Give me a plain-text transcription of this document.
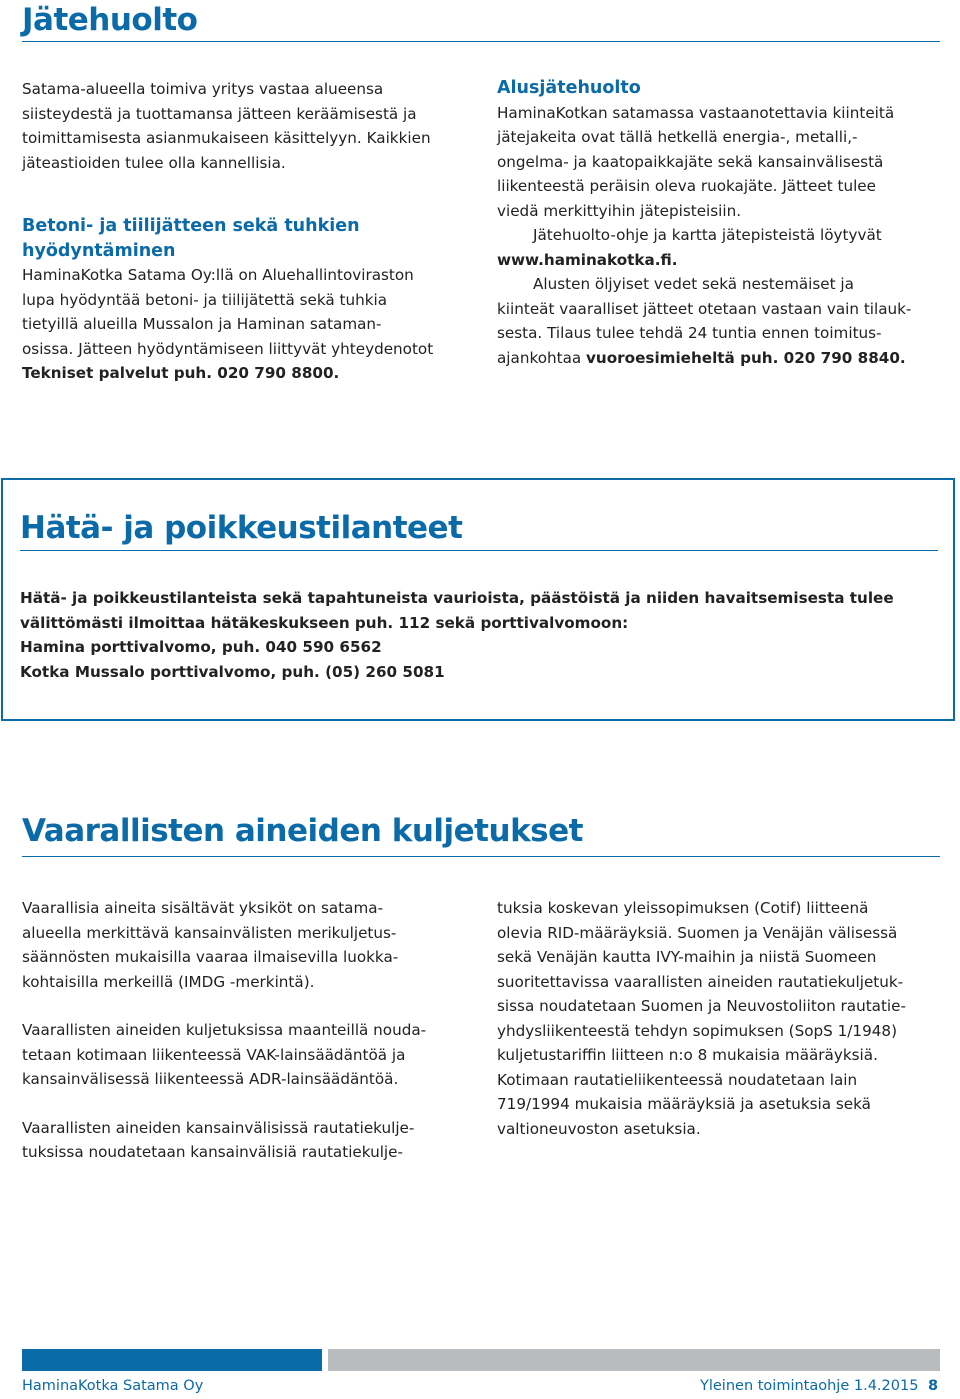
Jätehuolto

Satama-alueella toimiva yritys vastaa alueensa

siisteydestä ja tuottamansa jätteen keräämisestä ja

toimittamisesta asianmukaiseen käsittelyyn. Kaikkien

jäteastioiden tulee olla kannellisia.

Betoni- ja tiilijätteen sekä tuhkien

hyödyntäminen

HaminaKotka Satama Oy:llä on Aluehallintoviraston

lupa hyödyntää betoni- ja tiilijätettä sekä tuhkia

tietyillä alueilla Mussalon ja Haminan sataman-

osissa. Jätteen hyödyntämiseen liittyvät yhteydenotot

Tekniset palvelut puh. 020 790 8800.

Alusjätehuolto

HaminaKotkan satamassa vastaanotettavia kiinteitä

jätejakeita ovat tällä hetkellä energia-, metalli,-

ongelma- ja kaatopaikkajäte sekä kansainvälisestä

liikenteestä peräisin oleva ruokajäte. Jätteet tulee

viedä merkittyihin jätepisteisiin.

Jätehuolto-ohje ja kartta jätepisteistä löytyvät

www.haminakotka.fi.

Alusten öljyiset vedet sekä nestemäiset ja

kiinteät vaaralliset jätteet otetaan vastaan vain tilauk-

sesta. Tilaus tulee tehdä 24 tuntia ennen toimitus-

ajankohtaa vuoroesimieheltä puh. 020 790 8840.

Hätä- ja poikkeustilanteet

Hätä- ja poikkeustilanteista sekä tapahtuneista vaurioista, päästöistä ja niiden havaitsemisesta tulee

välittömästi ilmoittaa hätäkeskukseen puh. 112 sekä porttivalvomoon:

Hamina porttivalvomo, puh. 040 590 6562

Kotka Mussalo porttivalvomo, puh. (05) 260 5081

Vaarallisten aineiden kuljetukset

Vaarallisia aineita sisältävät yksiköt on satama-

alueella merkittävä kansainvälisten merikuljetus-

säännösten mukaisilla vaaraa ilmaisevilla luokka-

kohtaisilla merkeillä (IMDG -merkintä).

Vaarallisten aineiden kuljetuksissa maanteillä nouda-

tetaan kotimaan liikenteessä VAK-lainsäädäntöä ja

kansainvälisessä liikenteessä ADR-lainsäädäntöä.

Vaarallisten aineiden kansainvälisissä rautatiekulje-

tuksissa noudatetaan kansainvälisiä rautatiekulje-

tuksia koskevan yleissopimuksen (Cotif) liitteenä

olevia RID-määräyksiä. Suomen ja Venäjän välisessä

sekä Venäjän kautta IVY-maihin ja niistä Suomeen

suoritettavissa vaarallisten aineiden rautatiekuljetuk-

sissa noudatetaan Suomen ja Neuvostoliiton rautatie-

yhdysliikenteestä tehdyn sopimuksen (SopS 1/1948)

kuljetustariffin liitteen n:o 8 mukaisia määräyksiä.

Kotimaan rautatieliikenteessä noudatetaan lain

719/1994 mukaisia määräyksiä ja asetuksia sekä

valtioneuvoston asetuksia.

HaminaKotka Satama Oy	Yleinen toimintaohje 1.4.2015 8
